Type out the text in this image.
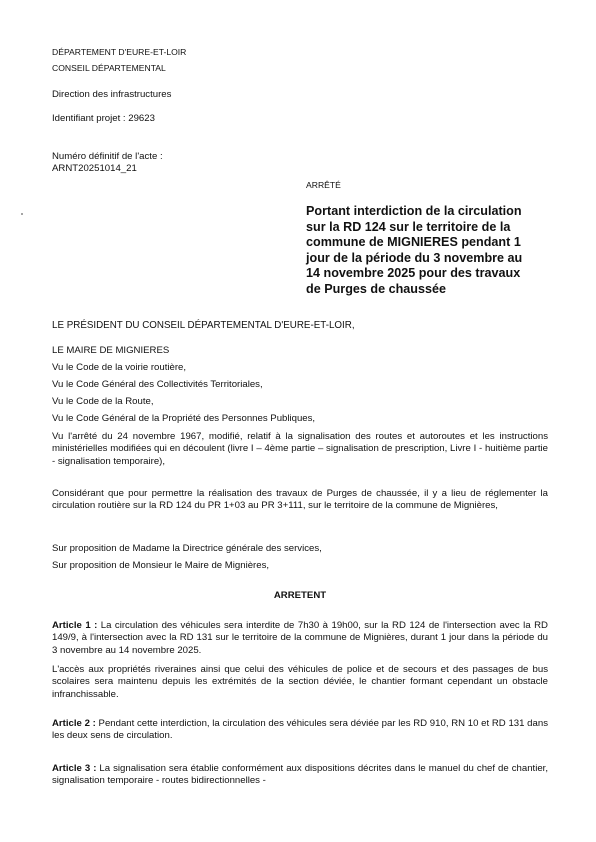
DÉPARTEMENT D'EURE-ET-LOIR
CONSEIL DÉPARTEMENTAL
Direction des infrastructures
Identifiant projet : 29623
Numéro définitif de l'acte :
ARNT20251014_21
ARRÊTÉ
Portant interdiction de la circulation sur la RD 124 sur le territoire de la commune de MIGNIERES pendant 1 jour de la période du 3 novembre au 14 novembre 2025 pour des travaux de Purges de chaussée
LE PRÉSIDENT DU CONSEIL DÉPARTEMENTAL D'EURE-ET-LOIR,
LE MAIRE DE MIGNIERES
Vu le Code de la voirie routière,
Vu le Code Général des Collectivités Territoriales,
Vu le Code de la Route,
Vu le Code Général de la Propriété des Personnes Publiques,
Vu l'arrêté du 24 novembre 1967, modifié, relatif à la signalisation des routes et autoroutes et les instructions ministérielles modifiées qui en découlent (livre I – 4ème partie – signalisation de prescription, Livre I - huitième partie - signalisation temporaire),
Considérant que pour permettre la réalisation des travaux de Purges de chaussée, il y a lieu de réglementer la circulation routière sur la RD 124 du PR 1+03 au PR 3+111, sur le territoire de la commune de Mignières,
Sur proposition de Madame la Directrice générale des services,
Sur proposition de Monsieur le Maire de Mignières,
ARRETENT
Article 1 : La circulation des véhicules sera interdite de 7h30 à 19h00, sur la RD 124 de l'intersection avec la RD 149/9, à l'intersection avec la RD 131 sur le territoire de la commune de Mignières, durant 1 jour dans la période du 3 novembre au 14 novembre 2025.
L'accès aux propriétés riveraines ainsi que celui des véhicules de police et de secours et des passages de bus scolaires sera maintenu depuis les extrémités de la section déviée, le chantier formant cependant un obstacle infranchissable.
Article 2 : Pendant cette interdiction, la circulation des véhicules sera déviée par les RD 910, RN 10 et RD 131 dans les deux sens de circulation.
Article 3 : La signalisation sera établie conformément aux dispositions décrites dans le manuel du chef de chantier, signalisation temporaire - routes bidirectionnelles -
